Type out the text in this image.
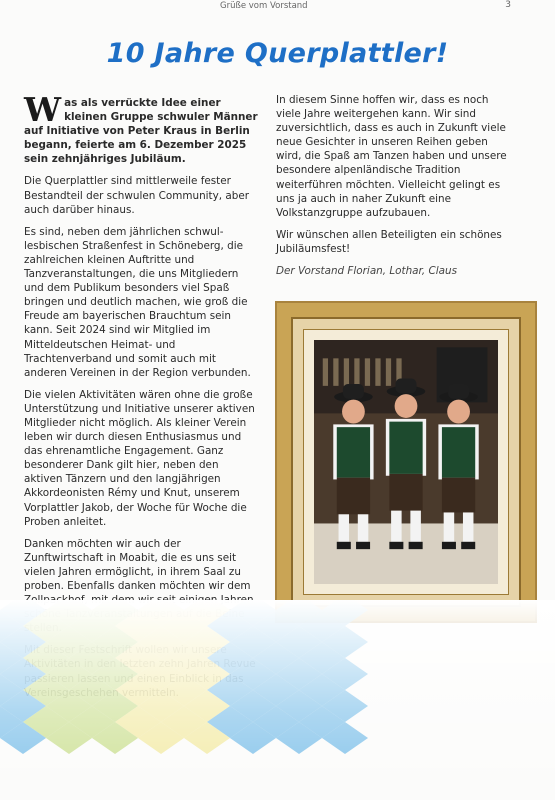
Grüße vom Vorstand	3
10 Jahre Querplattler!

Was als verrückte Idee einer kleinen Gruppe schwuler Männer auf Initiative von Peter Kraus in Berlin begann, feierte am 6. Dezember 2025 sein zehnjähriges Jubiläum.

Die Querplattler sind mittlerweile fester Bestandteil der schwulen Community, aber auch darüber hinaus.

Es sind, neben dem jährlichen schwul-lesbischen Straßenfest in Schöneberg, die zahlreichen kleinen Auftritte und Tanzveranstaltungen, die uns Mitgliedern und dem Publikum besonders viel Spaß bringen und deutlich machen, wie groß die Freude am bayerischen Brauchtum sein kann. Seit 2024 sind wir Mitglied im Mitteldeutschen Heimat- und Trachtenverband und somit auch mit anderen Vereinen in der Region verbunden.

Die vielen Aktivitäten wären ohne die große Unterstützung und Initiative unserer aktiven Mitglieder nicht möglich. Als kleiner Verein leben wir durch diesen Enthusiasmus und das ehrenamtliche Engagement. Ganz besonderer Dank gilt hier, neben den aktiven Tänzern und den langjährigen Akkordeonisten Rémy und Knut, unserem Vorplattler Jakob, der Woche für Woche die Proben anleitet.

Danken möchten wir auch der Zunftwirtschaft in Moabit, die es uns seit vielen Jahren ermöglicht, in ihrem Saal zu proben. Ebenfalls danken möchten wir dem

In diesem Sinne hoffen wir, dass es noch viele Jahre weitergehen kann. Wir sind zuversichtlich, dass es auch in Zukunft viele neue Gesichter in unseren Reihen geben wird, die Spaß am Tanzen haben und unsere besondere alpenländische Tradition weiterführen möchten. Vielleicht gelingt es uns ja auch in naher Zukunft eine Volkstanzgruppe aufzubauen.

Wir wünschen allen Beteiligten ein schönes Jubiläumsfest!

Der Vorstand Florian, Lothar, Claus
